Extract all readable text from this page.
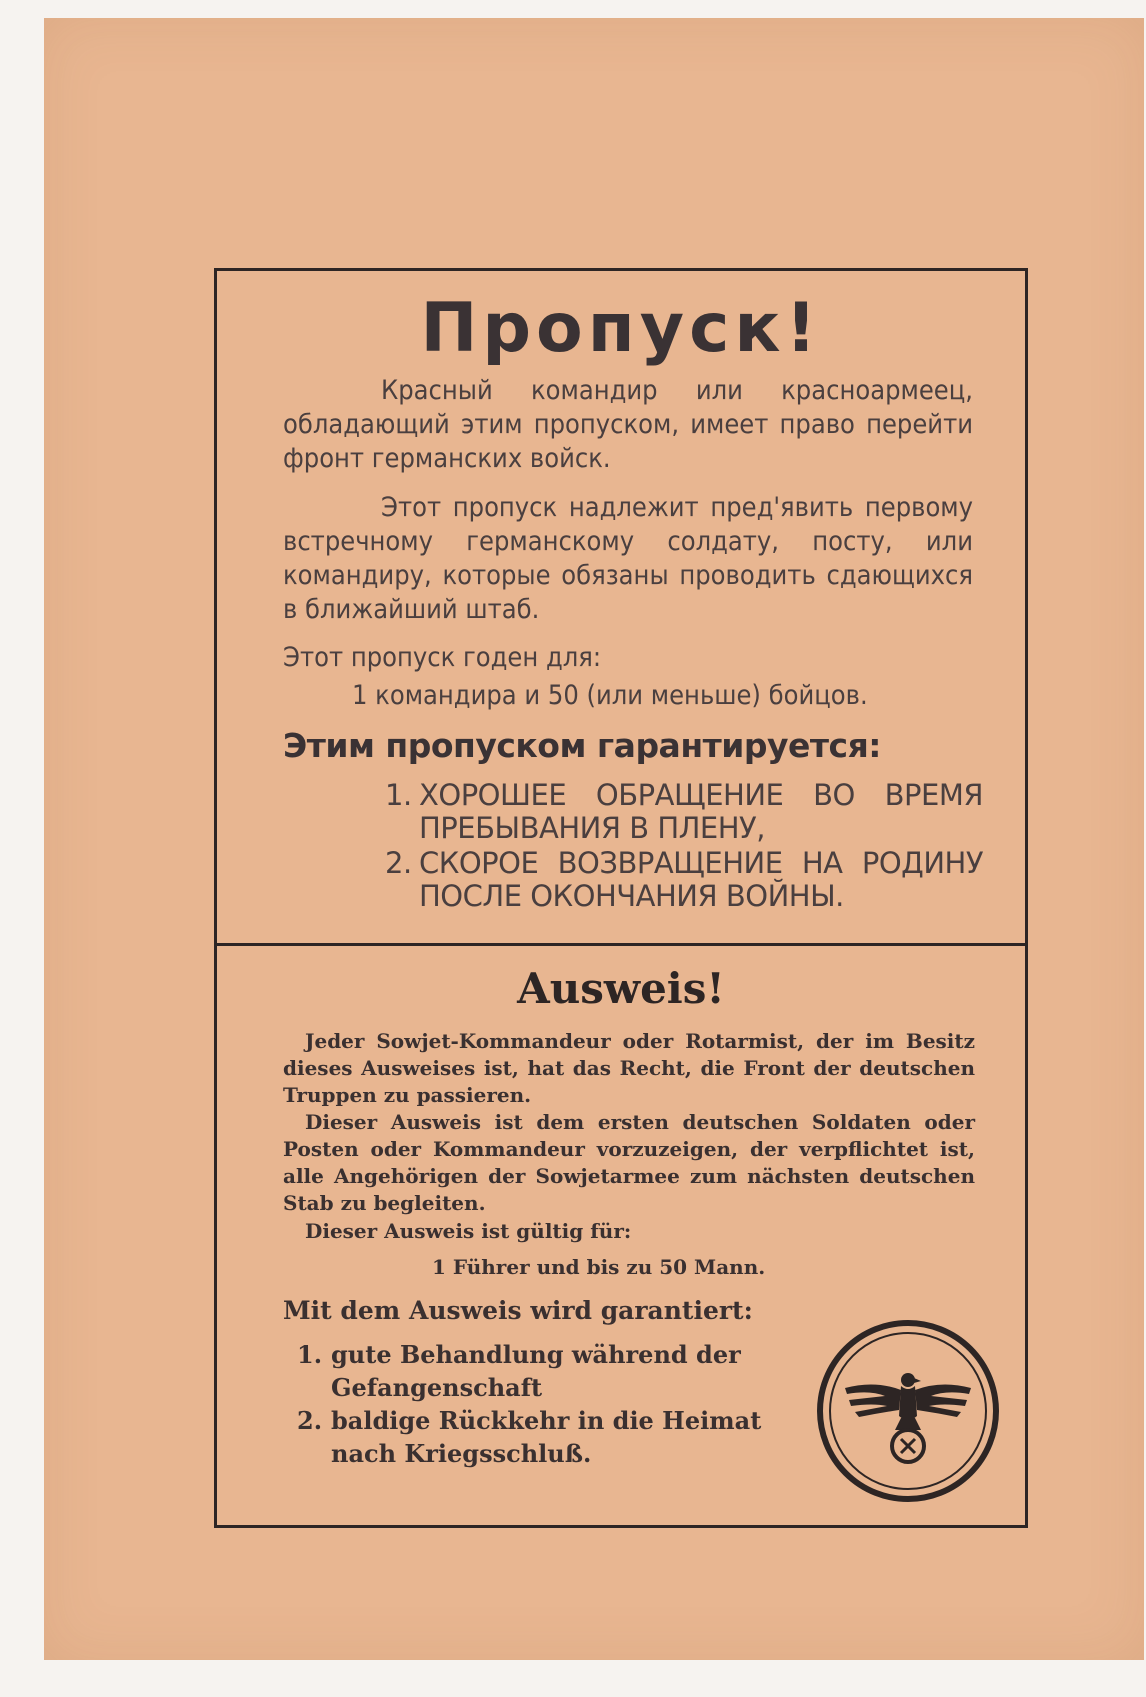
Пропуск!

Красный командир или красноармеец, обладающий этим пропуском, имеет право перейти фронт германских войск.

Этот пропуск надлежит пред'явить первому встречному германскому солдату, посту, или командиру, которые обязаны проводить сдающихся в ближайший штаб.

Этот пропуск годен для:

1 командира и 50 (или меньше) бойцов.

Этим пропуском гарантируется:
1. ХОРОШЕЕ ОБРАЩЕНИЕ ВО ВРЕМЯ ПРЕБЫВАНИЯ В ПЛЕНУ,
2. СКОРОЕ ВОЗВРАЩЕНИЕ НА РОДИНУ ПОСЛЕ ОКОНЧАНИЯ ВОЙНЫ.
Ausweis!

Jeder Sowjet-Kommandeur oder Rotarmist, der im Besitz dieses Ausweises ist, hat das Recht, die Front der deutschen Truppen zu passieren.

Dieser Ausweis ist dem ersten deutschen Soldaten oder Posten oder Kommandeur vorzuzeigen, der verpflichtet ist, alle Angehörigen der Sowjetarmee zum nächsten deutschen Stab zu begleiten.

Dieser Ausweis ist gültig für:

1 Führer und bis zu 50 Mann.

Mit dem Ausweis wird garantiert:
1. gute Behandlung während der Gefangenschaft
2. baldige Rückkehr in die Heimat nach Kriegsschluß.
